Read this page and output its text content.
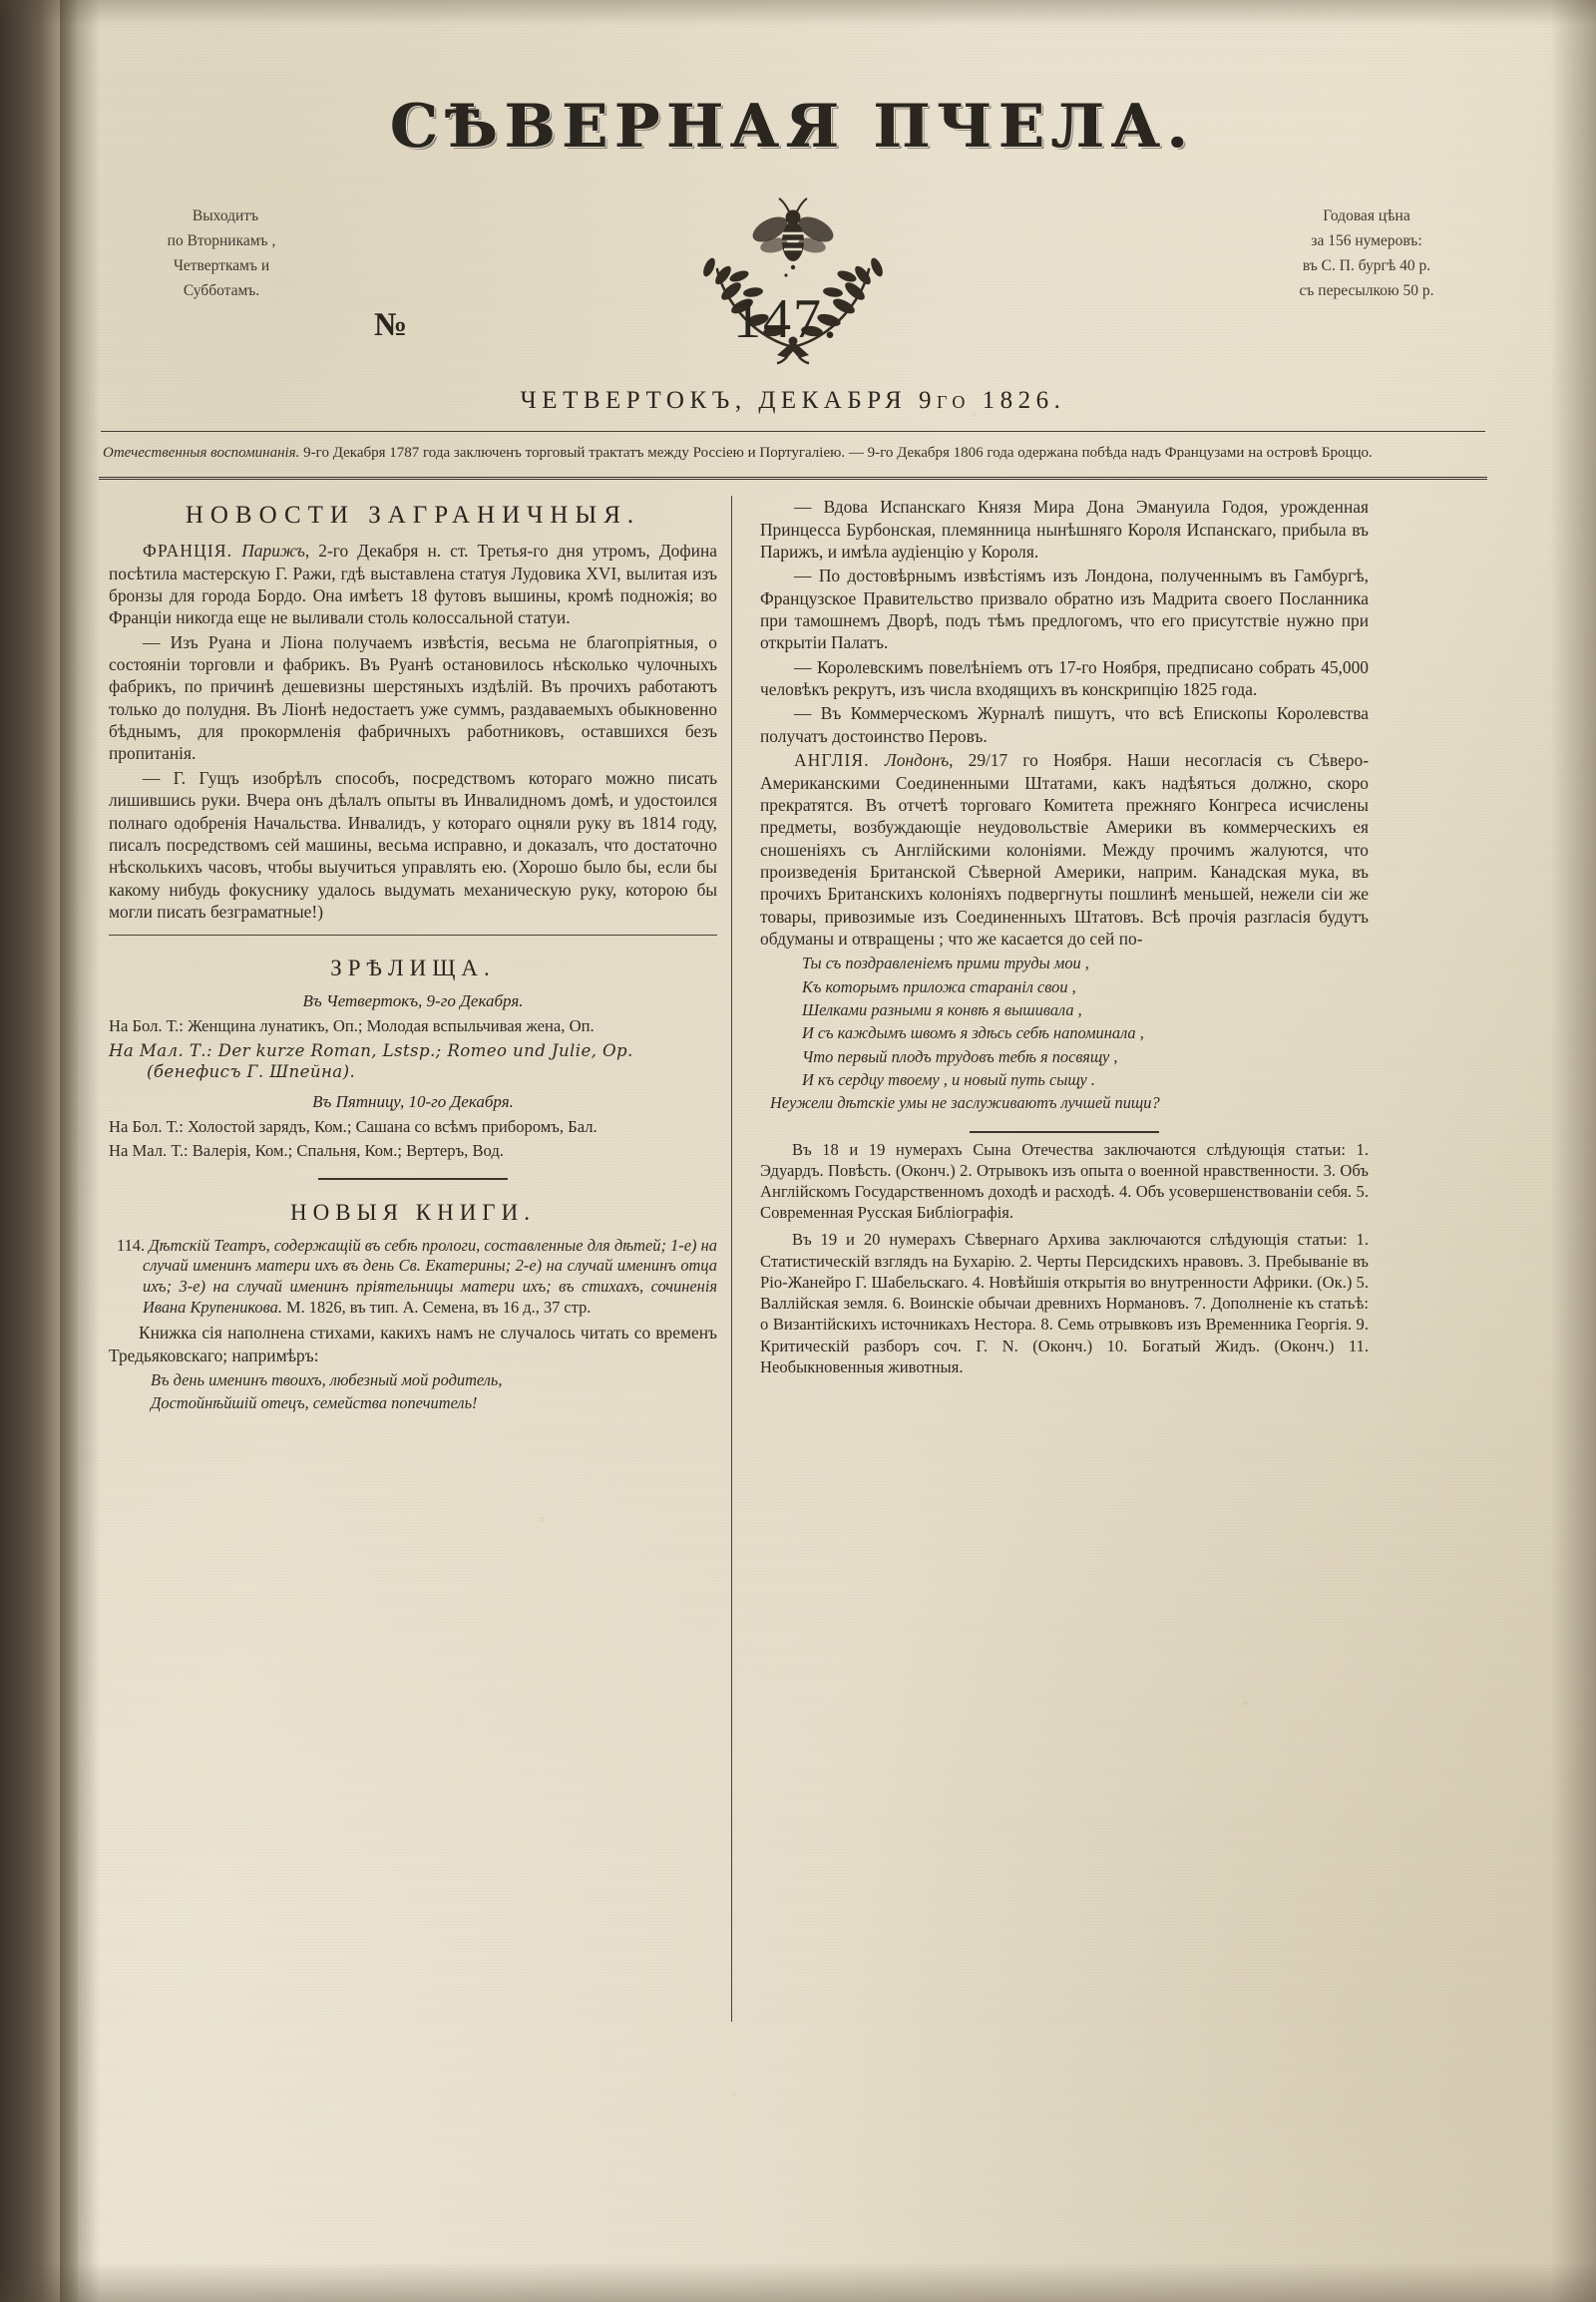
СѢВЕРНАЯ ПЧЕЛА.
Выходитъ
по Вторникамъ ,
Четверткамъ и
Субботамъ.
№	147.
Годовая цѣна
за 156 нумеровъ:
въ С. П. бургѣ 40 р.
съ пересылкою 50 р.
ЧЕТВЕРТОКЪ, ДЕКАБРЯ 9го 1826.
Отечественныя воспоминанія. 9-го Декабря 1787 года заключенъ торговый трактатъ между Россіею и Португаліею. — 9-го Декабря 1806 года одержана побѣда надъ Французами на островѣ Броццо.
НОВОСТИ ЗАГРАНИЧНЫЯ.

ФРАНЦІЯ. Парижъ, 2-го Декабря н. ст. Третья-го дня утромъ, Дофина посѣтила мастерскую Г. Ражи, гдѣ выставлена статуя Лудовика XVI, вылитая изъ бронзы для города Бордо. Она имѣетъ 18 футовъ вышины, кромѣ подножія; во Франціи никогда еще не выливали столь колоссальной статуи.

— Изъ Руана и Ліона получаемъ извѣстія, весьма не благопріятныя, о состояніи торговли и фабрикъ. Въ Руанѣ остановилось нѣсколько чулочныхъ фабрикъ, по причинѣ дешевизны шерстяныхъ издѣлій. Въ прочихъ работаютъ только до полудня. Въ Ліонѣ недостаетъ уже суммъ, раздаваемыхъ обыкновенно бѣднымъ, для прокормленія фабричныхъ работниковъ, оставшихся безъ пропитанія.

— Г. Гущъ изобрѣлъ способъ, посредствомъ котораго можно писать лишившись руки. Вчера онъ дѣлалъ опыты въ Инвалидномъ домѣ, и удостоился полнаго одобренія Начальства. Инвалидъ, у котораго оцняли руку въ 1814 году, писалъ посредствомъ сей машины, весьма исправно, и доказалъ, что достаточно нѣсколькихъ часовъ, чтобы выучиться управлять ею. (Хорошо было бы, если бы какому нибудь фокуснику удалось выдумать механическую руку, которою бы могли писать безграматные!)

ЗРѢЛИЩА.
Въ Четвертокъ, 9-го Декабря.
На Бол. Т.: Женщина лунатикъ, Оп.; Молодая вспыльчивая жена, Оп.
На Мал. Т.: Der kurze Roman, Lstsp.; Romeo und Julie, Op. (бенефисъ Г. Шпейна).
Въ Пятницу, 10-го Декабря.
На Бол. Т.: Холостой зарядъ, Ком.; Сашана со всѣмъ приборомъ, Бал.
На Мал. Т.: Валерія, Ком.; Спальня, Ком.; Вертеръ, Вод.
НОВЫЯ КНИГИ.
114. Дѣтскій Театръ, содержащій въ себѣ прологи, составленные для дѣтей; 1-е) на случай именинъ матери ихъ въ день Св. Екатерины; 2-е) на случай именинъ отца ихъ; 3-е) на случай именинъ пріятельницы матери ихъ; въ стихахъ, сочиненія Ивана Крупеникова. М. 1826, въ тип. А. Семена, въ 16 д., 37 стр.

Книжка сія наполнена стихами, какихъ намъ не случалось читать со временъ Тредьяковскаго; напримѣръ:

Въ день именинъ твоихъ, любезный мой родитель,
Достойнѣйшій отецъ, семейства попечитель!

— Вдова Испанскаго Князя Мира Дона Эмануила Годоя, урожденная Принцесса Бурбонская, племянница нынѣшняго Короля Испанскаго, прибыла въ Парижъ, и имѣла аудіенцію у Короля.

— По достовѣрнымъ извѣстіямъ изъ Лондона, полученнымъ въ Гамбургѣ, Французское Правительство призвало обратно изъ Мадрита своего Посланника при тамошнемъ Дворѣ, подъ тѣмъ предлогомъ, что его присутствіе нужно при открытіи Палатъ.

— Королевскимъ повелѣніемъ отъ 17-го Ноября, предписано собрать 45,000 человѣкъ рекрутъ, изъ числа входящихъ въ конскрипцію 1825 года.

— Въ Коммерческомъ Журналѣ пишутъ, что всѣ Епископы Королевства получатъ достоинство Перовъ.

АНГЛІЯ. Лондонъ, 29/17 го Ноября. Наши несогласія съ Сѣверо-Американскими Соединенными Штатами, какъ надѣяться должно, скоро прекратятся. Въ отчетѣ торговаго Комитета прежняго Конгреса исчислены предметы, возбуждающіе неудовольствіе Америки въ коммерческихъ ея сношеніяхъ съ Англійскими колоніями. Между прочимъ жалуются, что произведенія Британской Сѣверной Америки, наприм. Канадская мука, въ прочихъ Британскихъ колоніяхъ подвергнуты пошлинѣ меньшей, нежели сіи же товары, привозимые изъ Соединенныхъ Штатовъ. Всѣ прочія разгласія будутъ обдуманы и отвращены ; что же касается до сей по-

Ты съ поздравленіемъ прими труды мои ,
Къ которымъ приложа стараніл свои ,
Шелками разными я конвѣ я вышивала ,
И съ каждымъ швомъ я здѣсь себѣ напоминала ,
Что первый плодъ трудовъ тебѣ я посвящу ,
И къ сердцу твоему , и новый путь сыщу .
Неужели дѣтскіе умы не заслуживаютъ лучшей пищи?

Въ 18 и 19 нумерахъ Сына Отечества заключаются слѣдующія статьи: 1. Эдуардъ. Повѣсть. (Оконч.) 2. Отрывокъ изъ опыта о военной нравственности. 3. Объ Англійскомъ Государственномъ доходѣ и расходѣ. 4. Объ усовершенствованіи себя. 5. Современная Русская Библіографія.

Въ 19 и 20 нумерахъ Сѣвернаго Архива заключаются слѣдующія статьи: 1. Статистическій взглядъ на Бухарію. 2. Черты Персидскихъ нравовъ. 3. Пребываніе въ Ріо-Жанейро Г. Шабельскаго. 4. Новѣйшія открытія во внутренности Африки. (Ок.) 5. Валлійская земля. 6. Воинскіе обычаи древнихъ Нормановъ. 7. Дополненіе къ статьѣ: о Византійскихъ источникахъ Нестора. 8. Семь отрывковъ изъ Временника Георгія. 9. Критическій разборъ соч. Г. N. (Оконч.) 10. Богатый Жидъ. (Оконч.) 11. Необыкновенныя животныя.
